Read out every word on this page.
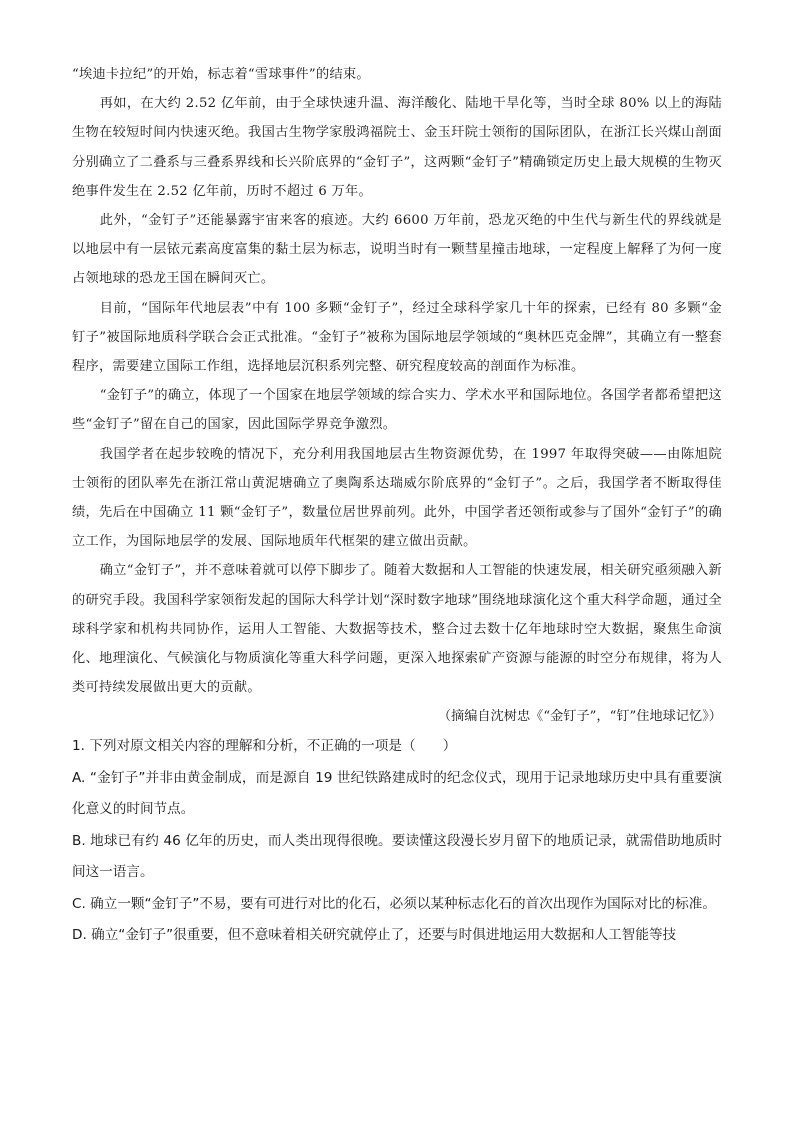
“埃迪卡拉纪”的开始，标志着“雪球事件”的结束。

再如，在大约 2.52 亿年前，由于全球快速升温、海洋酸化、陆地干旱化等，当时全球 80% 以上的海陆生物在较短时间内快速灭绝。我国古生物学家殷鸿福院士、金玉玕院士领衔的国际团队，在浙江长兴煤山剖面分别确立了二叠系与三叠系界线和长兴阶底界的“金钉子”，这两颗“金钉子”精确锁定历史上最大规模的生物灭绝事件发生在 2.52 亿年前，历时不超过 6 万年。

此外，“金钉子”还能暴露宇宙来客的痕迹。大约 6600 万年前，恐龙灭绝的中生代与新生代的界线就是以地层中有一层铱元素高度富集的黏土层为标志，说明当时有一颗彗星撞击地球，一定程度上解释了为何一度占领地球的恐龙王国在瞬间灭亡。

目前，“国际年代地层表”中有 100 多颗“金钉子”，经过全球科学家几十年的探索，已经有 80 多颗“金钉子”被国际地质科学联合会正式批准。“金钉子”被称为国际地层学领域的“奥林匹克金牌”，其确立有一整套程序，需要建立国际工作组，选择地层沉积系列完整、研究程度较高的剖面作为标准。

“金钉子”的确立，体现了一个国家在地层学领域的综合实力、学术水平和国际地位。各国学者都希望把这些“金钉子”留在自己的国家，因此国际学界竞争激烈。

我国学者在起步较晚的情况下，充分利用我国地层古生物资源优势，在 1997 年取得突破——由陈旭院士领衔的团队率先在浙江常山黄泥塘确立了奥陶系达瑞威尔阶底界的“金钉子”。之后，我国学者不断取得佳绩，先后在中国确立 11 颗“金钉子”，数量位居世界前列。此外，中国学者还领衔或参与了国外“金钉子”的确立工作，为国际地层学的发展、国际地质年代框架的建立做出贡献。

确立“金钉子”，并不意味着就可以停下脚步了。随着大数据和人工智能的快速发展，相关研究亟须融入新的研究手段。我国科学家领衔发起的国际大科学计划“深时数字地球”围绕地球演化这个重大科学命题，通过全球科学家和机构共同协作，运用人工智能、大数据等技术，整合过去数十亿年地球时空大数据，聚焦生命演化、地理演化、气候演化与物质演化等重大科学问题，更深入地探索矿产资源与能源的时空分布规律，将为人类可持续发展做出更大的贡献。

（摘编自沈树忠《“金钉子”，“钉”住地球记忆》）

1. 下列对原文相关内容的理解和分析，不正确的一项是（　　）

A. “金钉子”并非由黄金制成，而是源自 19 世纪铁路建成时的纪念仪式，现用于记录地球历史中具有重要演化意义的时间节点。

B. 地球已有约 46 亿年的历史，而人类出现得很晚。要读懂这段漫长岁月留下的地质记录，就需借助地质时间这一语言。

C. 确立一颗“金钉子”不易，要有可进行对比的化石，必须以某种标志化石的首次出现作为国际对比的标准。

D. 确立“金钉子”很重要，但不意味着相关研究就停止了，还要与时俱进地运用大数据和人工智能等技
